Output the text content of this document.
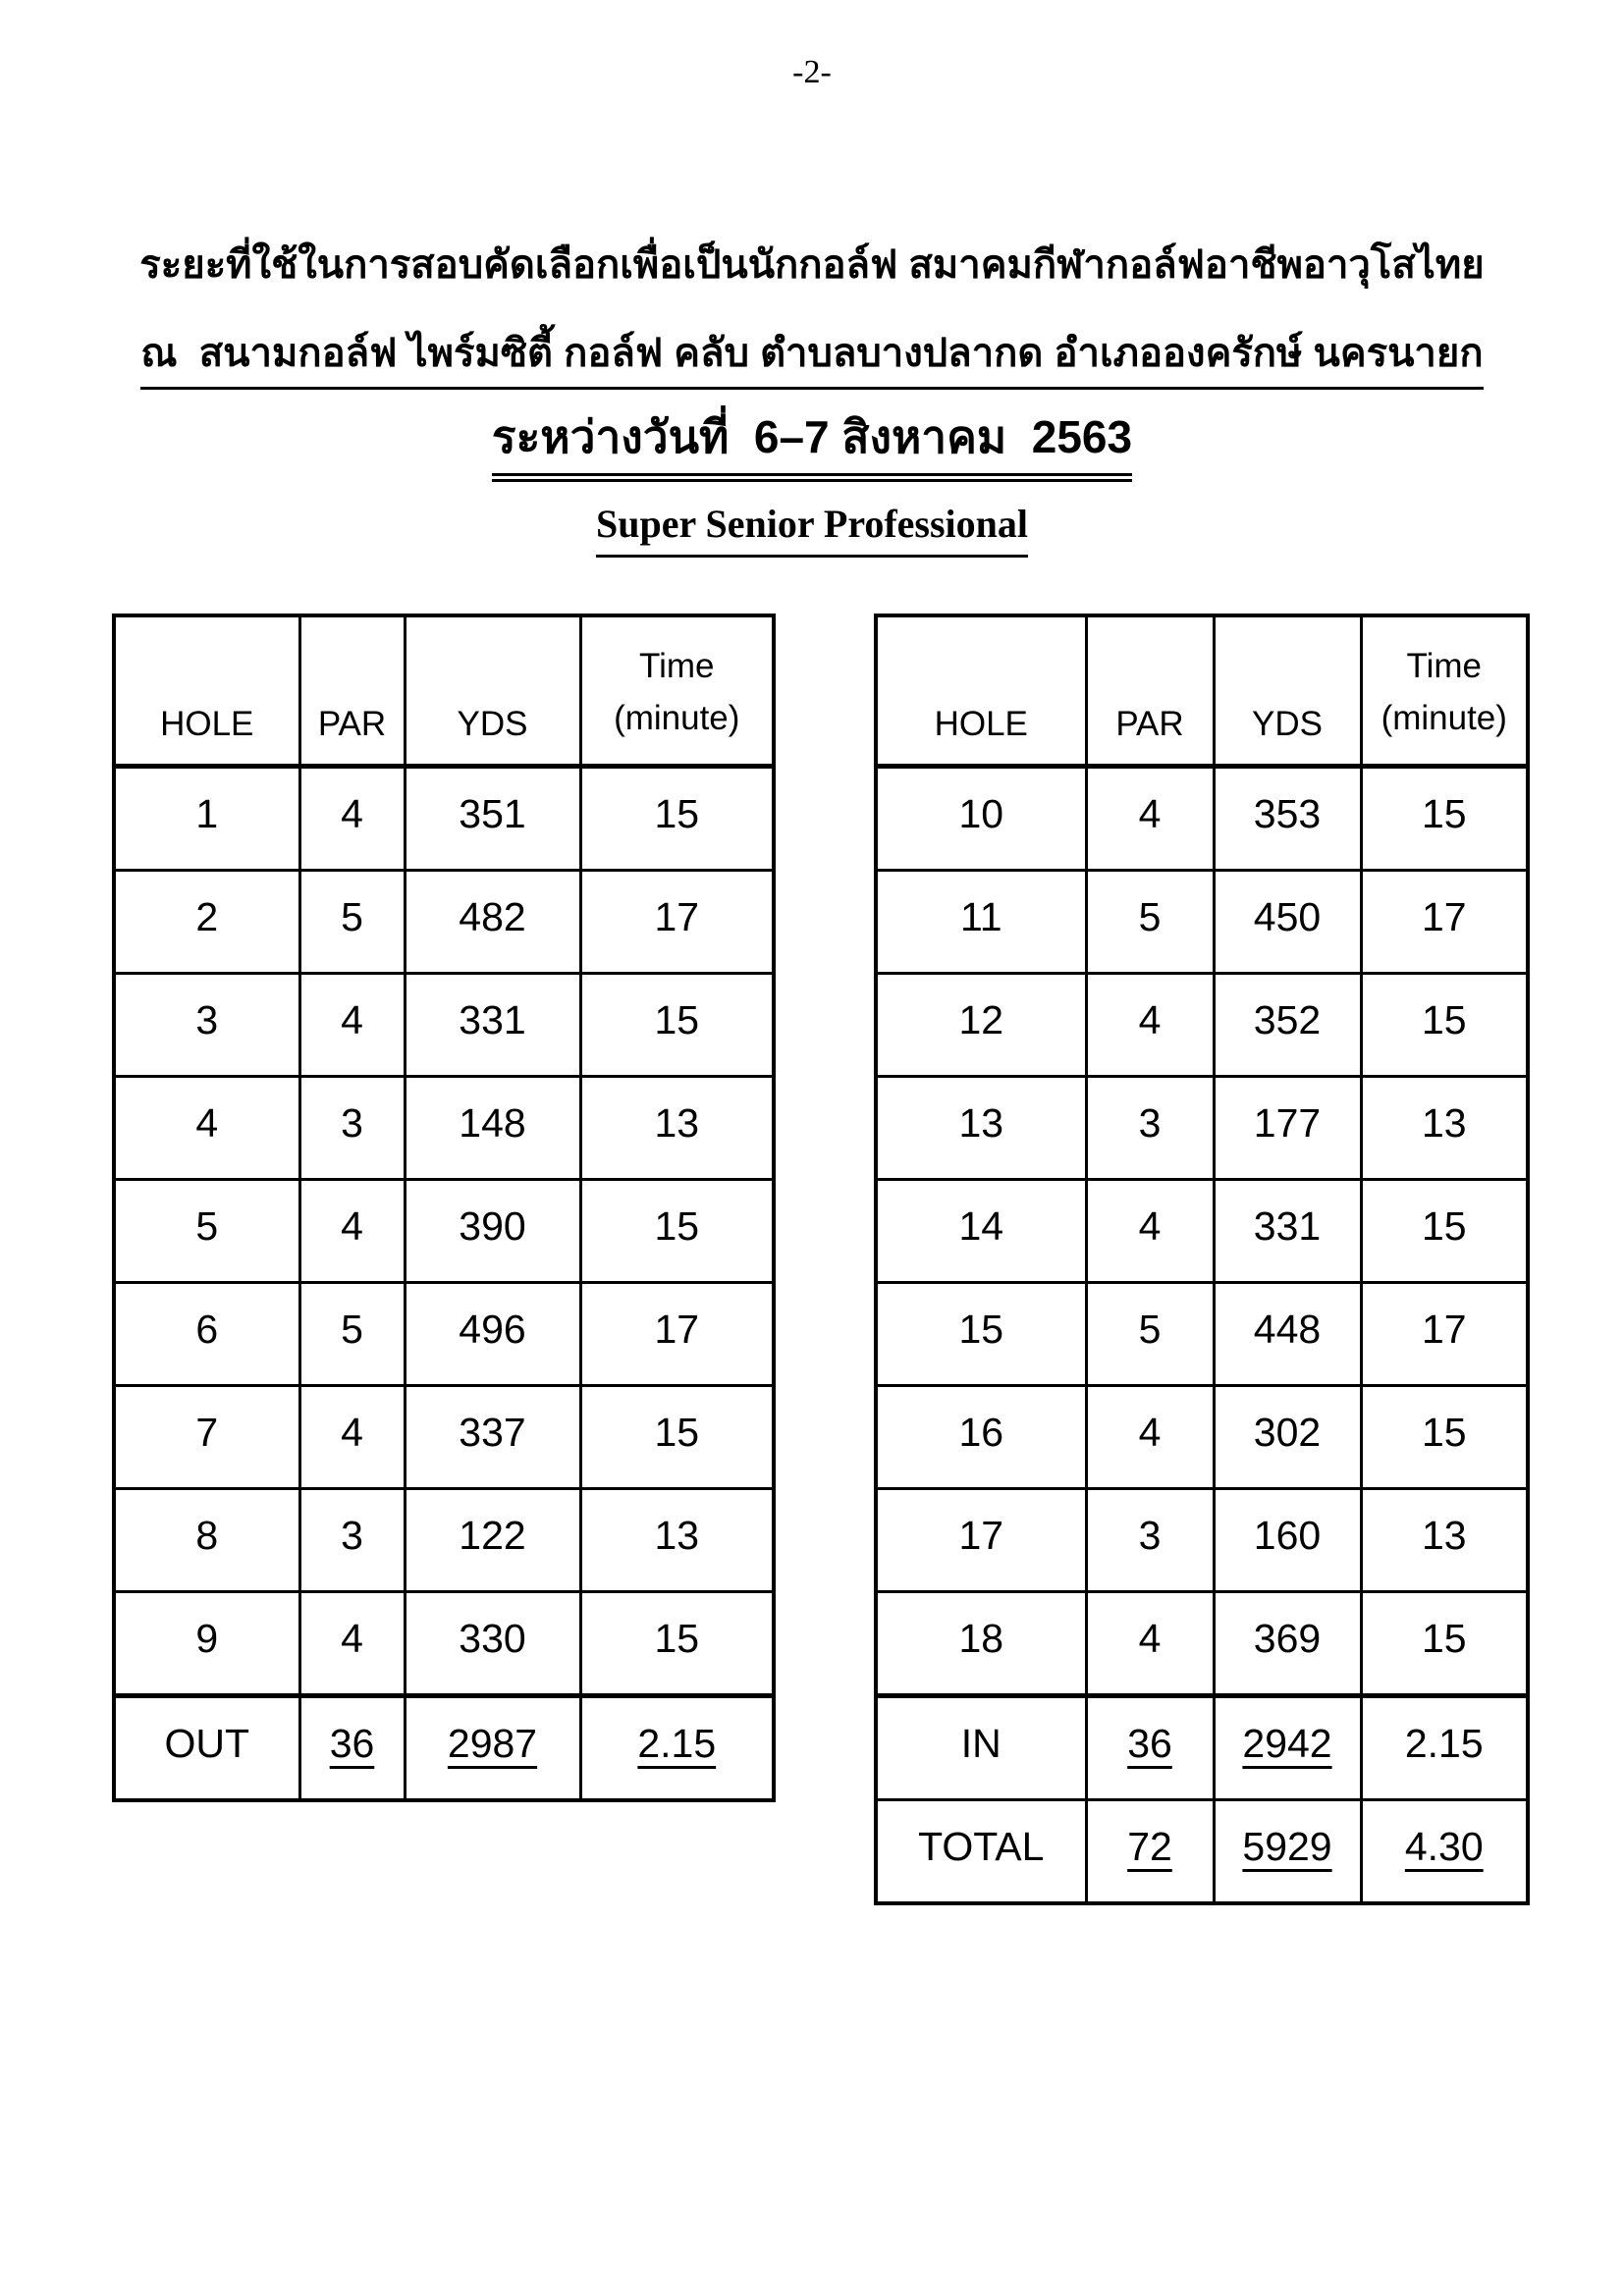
-2-
ระยะที่ใช้ในการสอบคัดเลือกเพื่อเป็นนักกอล์ฟ สมาคมกีฬากอล์ฟอาชีพอาวุโสไทย
ณ  สนามกอล์ฟ ไพร์มซิตี้ กอล์ฟ คลับ ตำบลบางปลากด อำเภอองครักษ์ นครนายก
ระหว่างวันที่  6–7 สิงหาคม  2563
Super Senior Professional
HOLE	PAR	YDS	Time
(minute)

1	4	351	15
2	5	482	17
3	4	331	15
4	3	148	13
5	4	390	15
6	5	496	17
7	4	337	15
8	3	122	13
9	4	330	15
OUT	36	2987	2.15
HOLE	PAR	YDS	Time
(minute)

10	4	353	15
11	5	450	17
12	4	352	15
13	3	177	13
14	4	331	15
15	5	448	17
16	4	302	15
17	3	160	13
18	4	369	15
IN	36	2942	2.15
TOTAL	72	5929	4.30
